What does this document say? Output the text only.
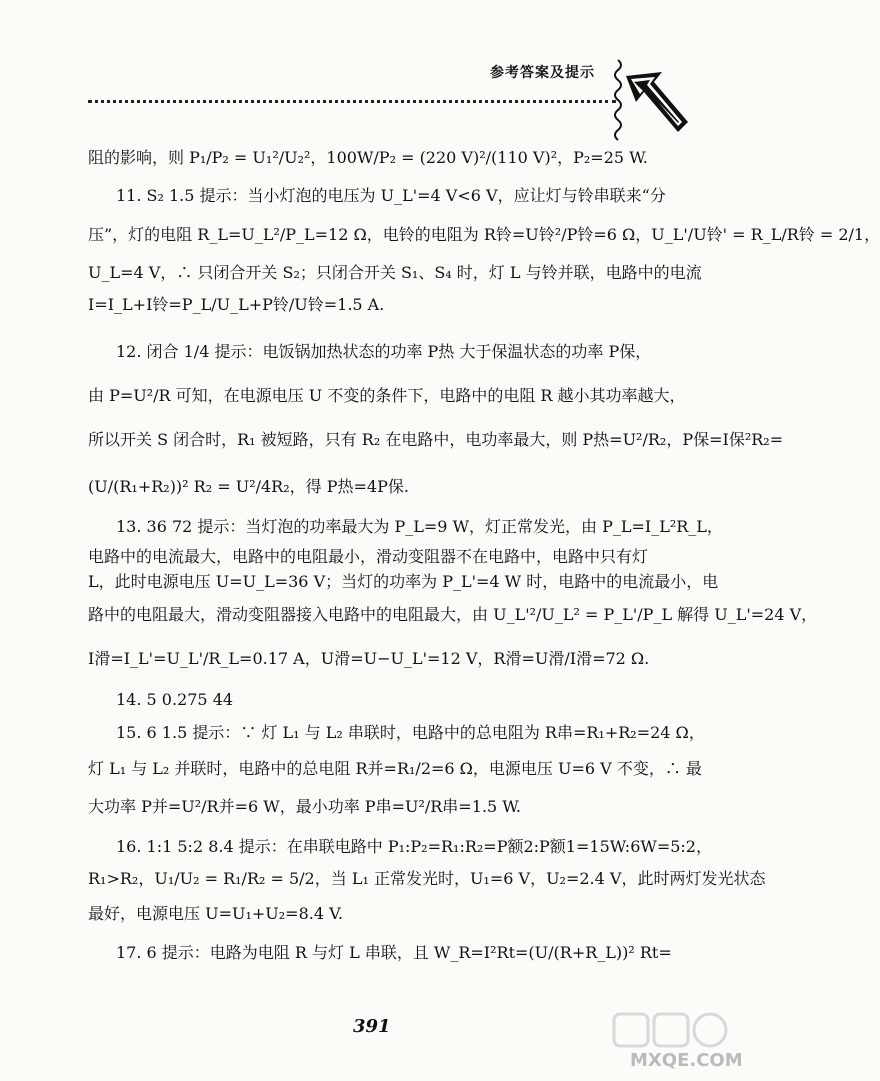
参考答案及提示
阻的影响，则 P₁/P₂ = U₁²/U₂²，100W/P₂ = (220 V)²/(110 V)²，P₂=25 W.
11. S₂ 1.5 提示：当小灯泡的电压为 U_L'=4 V<6 V，应让灯与铃串联来“分
压”，灯的电阻 R_L=U_L²/P_L=12 Ω，电铃的电阻为 R铃=U铃²/P铃=6 Ω，U_L'/U铃' = R_L/R铃 = 2/1，
U_L=4 V，∴ 只闭合开关 S₂；只闭合开关 S₁、S₄ 时，灯 L 与铃并联，电路中的电流
I=I_L+I铃=P_L/U_L+P铃/U铃=1.5 A.
12. 闭合 1/4 提示：电饭锅加热状态的功率 P热 大于保温状态的功率 P保，
由 P=U²/R 可知，在电源电压 U 不变的条件下，电路中的电阻 R 越小其功率越大，
所以开关 S 闭合时，R₁ 被短路，只有 R₂ 在电路中，电功率最大，则 P热=U²/R₂，P保=I保²R₂=
(U/(R₁+R₂))² R₂ = U²/4R₂，得 P热=4P保.
13. 36 72 提示：当灯泡的功率最大为 P_L=9 W，灯正常发光，由 P_L=I_L²R_L，
电路中的电流最大，电路中的电阻最小，滑动变阻器不在电路中，电路中只有灯
L，此时电源电压 U=U_L=36 V；当灯的功率为 P_L'=4 W 时，电路中的电流最小，电
路中的电阻最大，滑动变阻器接入电路中的电阻最大，由 U_L'²/U_L² = P_L'/P_L 解得 U_L'=24 V，
I滑=I_L'=U_L'/R_L=0.17 A，U滑=U−U_L'=12 V，R滑=U滑/I滑=72 Ω.
14. 5 0.275 44
15. 6 1.5 提示：∵ 灯 L₁ 与 L₂ 串联时，电路中的总电阻为 R串=R₁+R₂=24 Ω，
灯 L₁ 与 L₂ 并联时，电路中的总电阻 R并=R₁/2=6 Ω，电源电压 U=6 V 不变，∴ 最
大功率 P并=U²/R并=6 W，最小功率 P串=U²/R串=1.5 W.
16. 1:1 5:2 8.4 提示：在串联电路中 P₁:P₂=R₁:R₂=P额2:P额1=15W:6W=5:2，
R₁>R₂，U₁/U₂ = R₁/R₂ = 5/2，当 L₁ 正常发光时，U₁=6 V，U₂=2.4 V，此时两灯发光状态
最好，电源电压 U=U₁+U₂=8.4 V.
17. 6 提示：电路为电阻 R 与灯 L 串联，且 W_R=I²Rt=(U/(R+R_L))² Rt=
391
MXQE.COM
